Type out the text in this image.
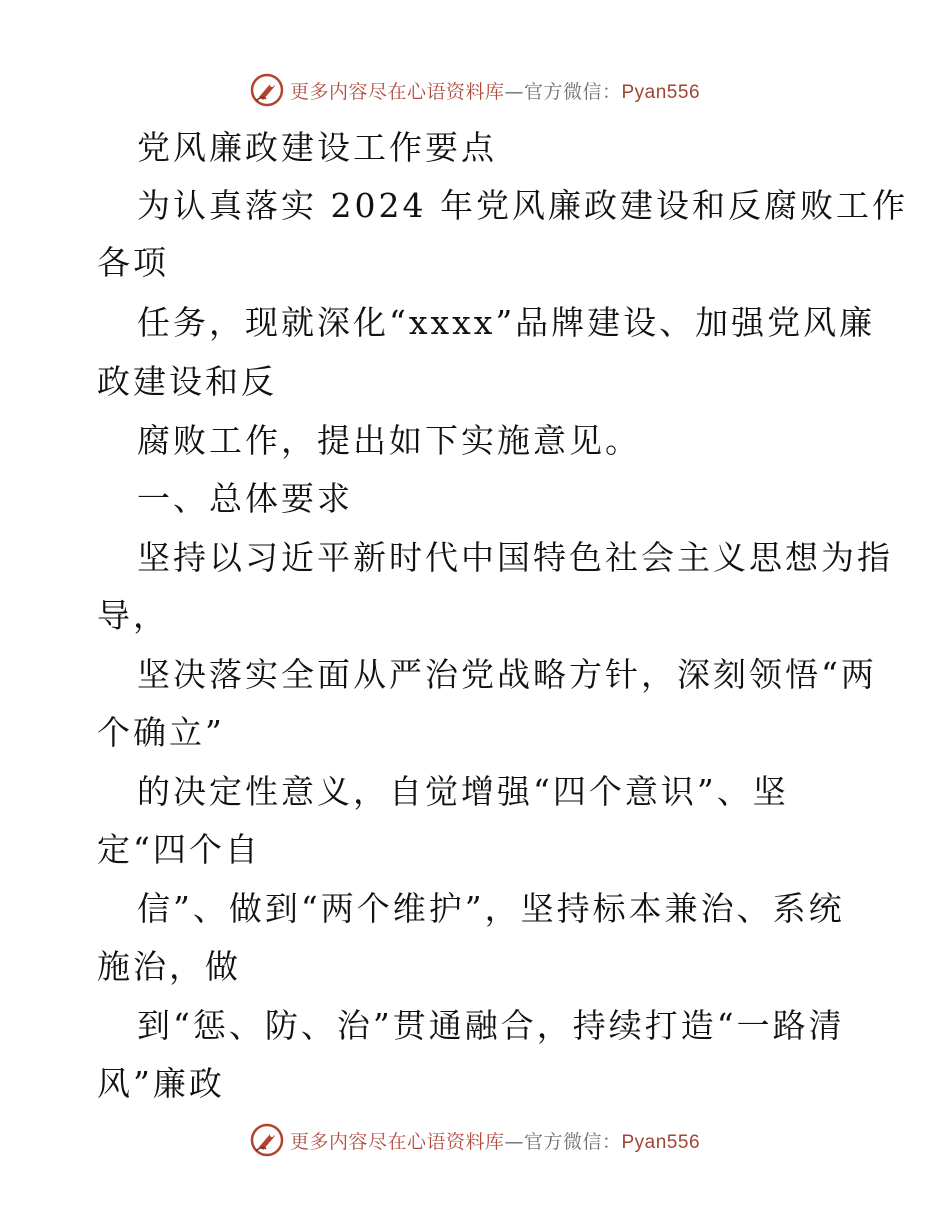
更多内容尽在心语资料库—官方微信：Pyan556
党风廉政建设工作要点
为认真落实 2024 年党风廉政建设和反腐败工作
各项
任务，现就深化“xxxx”品牌建设、加强党风廉
政建设和反
腐败工作，提出如下实施意见。
一、总体要求
坚持以习近平新时代中国特色社会主义思想为指
导，
坚决落实全面从严治党战略方针，深刻领悟“两
个确立”
的决定性意义，自觉增强“四个意识”、坚
定“四个自
信”、做到“两个维护”，坚持标本兼治、系统
施治，做
到“惩、防、治”贯通融合，持续打造“一路清
风”廉政
更多内容尽在心语资料库—官方微信：Pyan556
